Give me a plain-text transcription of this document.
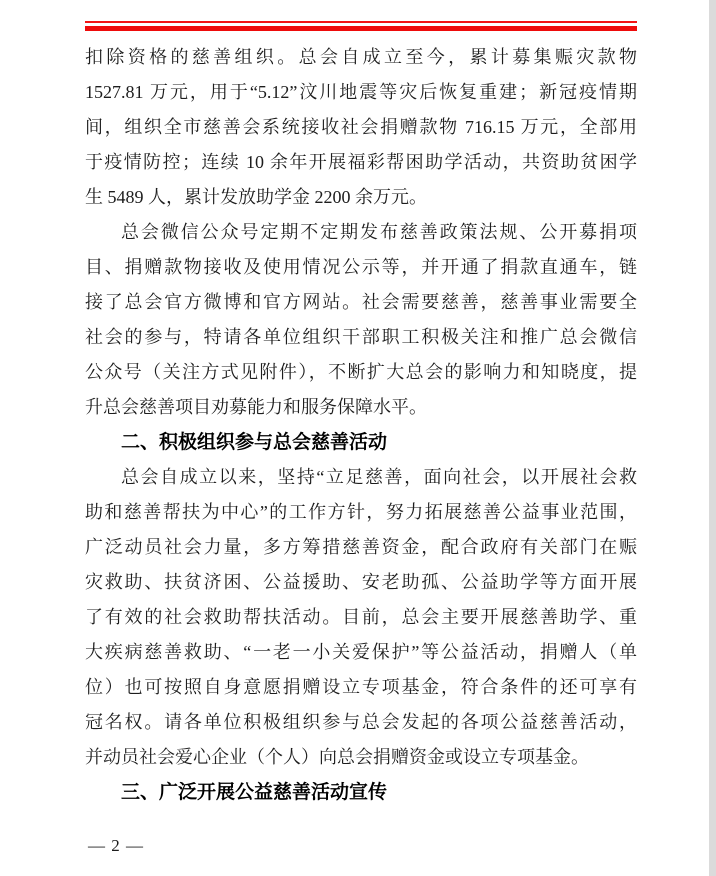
扣除资格的慈善组织。总会自成立至今，累计募集赈灾款物
1527.81 万元，用于“5.12”汶川地震等灾后恢复重建；新冠疫情期
间，组织全市慈善会系统接收社会捐赠款物 716.15 万元，全部用
于疫情防控；连续 10 余年开展福彩帮困助学活动，共资助贫困学
生 5489 人，累计发放助学金 2200 余万元。
总会微信公众号定期不定期发布慈善政策法规、公开募捐项
目、捐赠款物接收及使用情况公示等，并开通了捐款直通车，链
接了总会官方微博和官方网站。社会需要慈善，慈善事业需要全
社会的参与，特请各单位组织干部职工积极关注和推广总会微信
公众号（关注方式见附件），不断扩大总会的影响力和知晓度，提
升总会慈善项目劝募能力和服务保障水平。
二、积极组织参与总会慈善活动
总会自成立以来，坚持“立足慈善，面向社会，以开展社会救
助和慈善帮扶为中心”的工作方针，努力拓展慈善公益事业范围，
广泛动员社会力量，多方筹措慈善资金，配合政府有关部门在赈
灾救助、扶贫济困、公益援助、安老助孤、公益助学等方面开展
了有效的社会救助帮扶活动。目前，总会主要开展慈善助学、重
大疾病慈善救助、“一老一小关爱保护”等公益活动，捐赠人（单
位）也可按照自身意愿捐赠设立专项基金，符合条件的还可享有
冠名权。请各单位积极组织参与总会发起的各项公益慈善活动，
并动员社会爱心企业（个人）向总会捐赠资金或设立专项基金。
三、广泛开展公益慈善活动宣传
— 2 —
